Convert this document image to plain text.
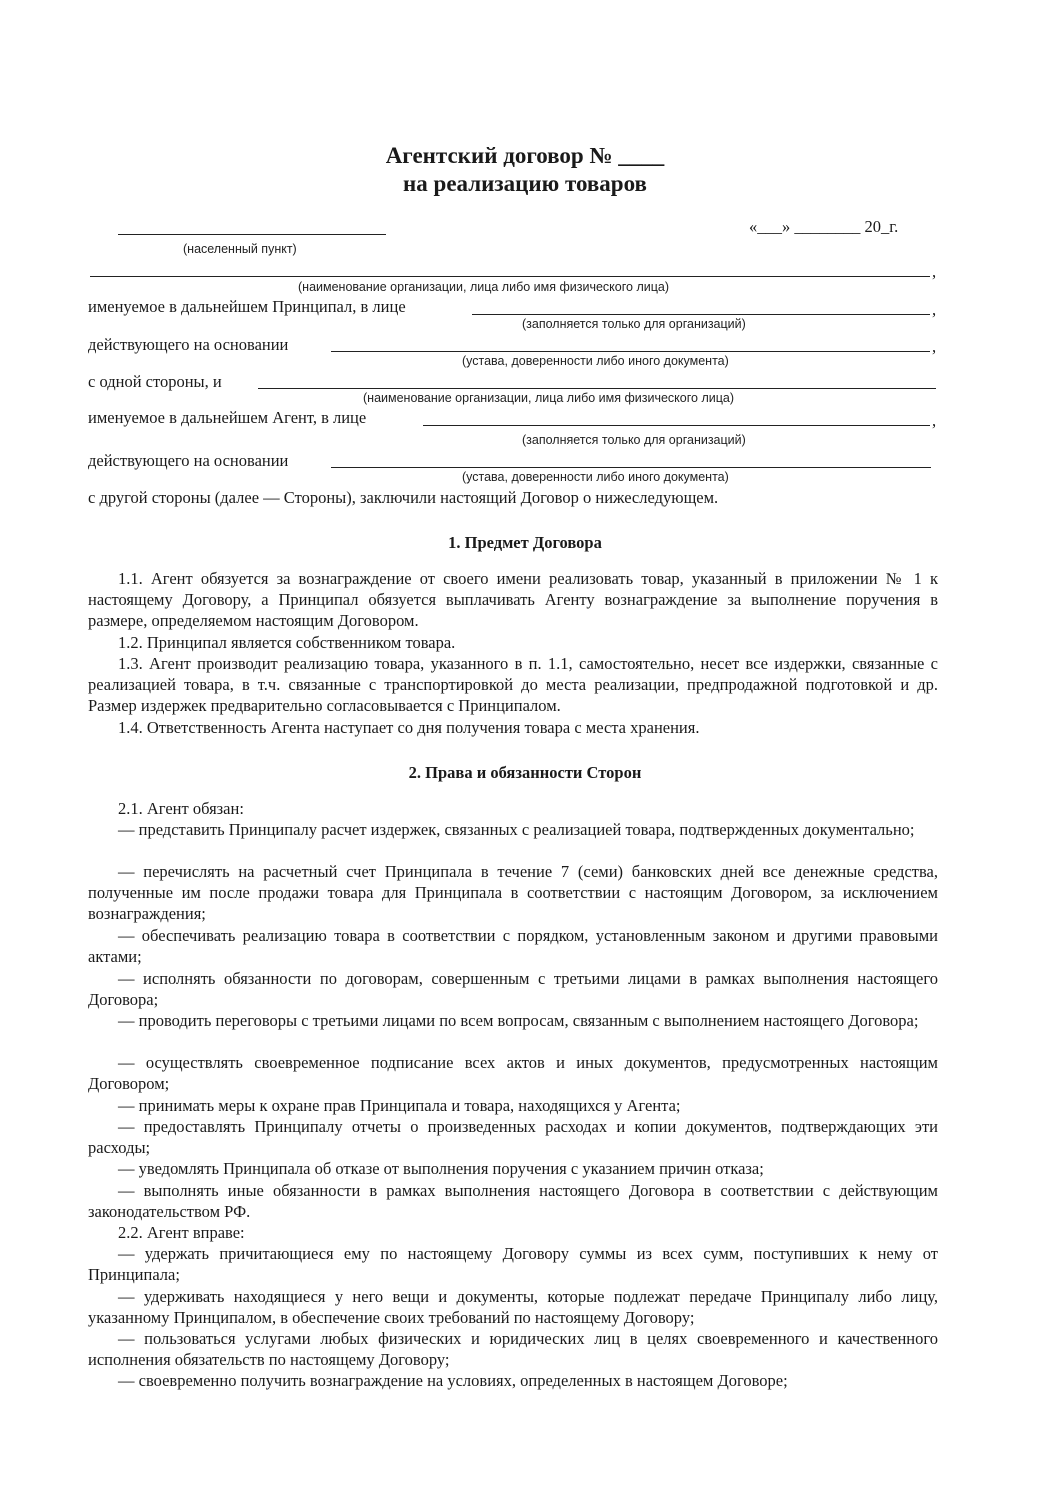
Агентский договор № ____
на реализацию товаров
(населенный пункт)
«___» ________ 20_г.
,
(наименование организации, лица либо имя физического лица)
именуемое в дальнейшем Принципал, в лице	,
(заполняется только для организаций)
действующего на основании	,
(устава, доверенности либо иного документа)
с одной стороны, и
(наименование организации, лица либо имя физического лица)
именуемое в дальнейшем Агент, в лице	,
(заполняется только для организаций)
действующего на основании
(устава, доверенности либо иного документа)
с другой стороны (далее — Стороны), заключили настоящий Договор о нижеследующем.
1. Предмет Договора

1.1. Агент обязуется за вознаграждение от своего имени реализовать товар, указанный в приложении № 1 к настоящему Договору, а Принципал обязуется выплачивать Агенту вознаграждение за выполнение поручения в размере, определяемом настоящим Договором.

1.2. Принципал является собственником товара.

1.3. Агент производит реализацию товара, указанного в п. 1.1, самостоятельно, несет все издержки, связанные с реализацией товара, в т.ч. связанные с транспортировкой до места реализации, предпродажной подготовкой и др. Размер издержек предварительно согласовывается с Принципалом.

1.4. Ответственность Агента наступает со дня получения товара с места хранения.

2. Права и обязанности Сторон

2.1. Агент обязан:

— представить Принципалу расчет издержек, связанных с реализацией товара, подтвержденных документально;

— перечислять на расчетный счет Принципала в течение 7 (семи) банковских дней все денежные средства, полученные им после продажи товара для Принципала в соответствии с настоящим Договором, за исключением вознаграждения;

— обеспечивать реализацию товара в соответствии с порядком, установленным законом и другими правовыми актами;

— исполнять обязанности по договорам, совершенным с третьими лицами в рамках выполнения настоящего Договора;

— проводить переговоры с третьими лицами по всем вопросам, связанным с выполнением настоящего Договора;

— осуществлять своевременное подписание всех актов и иных документов, предусмотренных настоящим Договором;

— принимать меры к охране прав Принципала и товара, находящихся у Агента;

— предоставлять Принципалу отчеты о произведенных расходах и копии документов, подтверждающих эти расходы;

— уведомлять Принципала об отказе от выполнения поручения с указанием причин отказа;

— выполнять иные обязанности в рамках выполнения настоящего Договора в соответствии с действующим законодательством РФ.

2.2. Агент вправе:

— удержать причитающиеся ему по настоящему Договору суммы из всех сумм, поступивших к нему от Принципала;

— удерживать находящиеся у него вещи и документы, которые подлежат передаче Принципалу либо лицу, указанному Принципалом, в обеспечение своих требований по настоящему Договору;

— пользоваться услугами любых физических и юридических лиц в целях своевременного и качественного исполнения обязательств по настоящему Договору;

— своевременно получить вознаграждение на условиях, определенных в настоящем Договоре;
